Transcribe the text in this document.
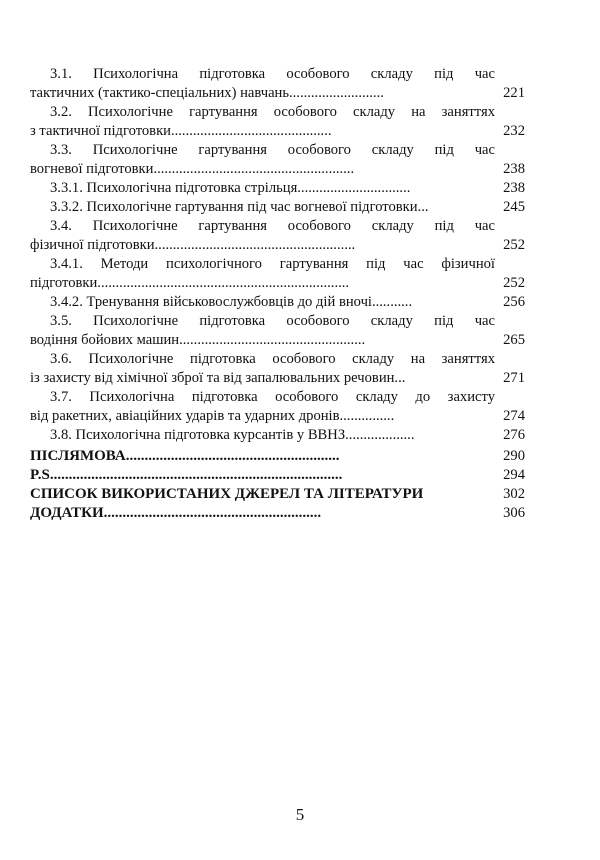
3.1. Психологічна підготовка особового складу під час
тактичних (тактико-спеціальних) навчань..........................	221
3.2. Психологічне гартування особового складу на заняттях
з тактичної підготовки............................................	232
3.3. Психологічне гартування особового складу під час
вогневої підготовки.......................................................	238
3.3.1. Психологічна підготовка стрільця...............................	238
3.3.2. Психологічне гартування під час вогневої підготовки...	245
3.4. Психологічне гартування особового складу під час
фізичної підготовки.......................................................	252
3.4.1. Методи психологічного гартування під час фізичної
підготовки.....................................................................	252
3.4.2. Тренування військовослужбовців до дій вночі...........	256
3.5. Психологічне підготовка особового складу під час
водіння бойових машин...................................................	265
3.6. Психологічне підготовка особового складу на заняттях
із захисту від хімічної зброї та від запалювальних речовин...	271
3.7. Психологічна підготовка особового складу до захисту
від ракетних, авіаційних ударів та ударних дронів...............	274
3.8. Психологічна підготовка курсантів у ВВНЗ...................	276
ПІСЛЯМОВА.........................................................	290
P.S..............................................................................	294
СПИСОК ВИКОРИСТАНИХ ДЖЕРЕЛ ТА ЛІТЕРАТУРИ	302
ДОДАТКИ..........................................................	306
5
